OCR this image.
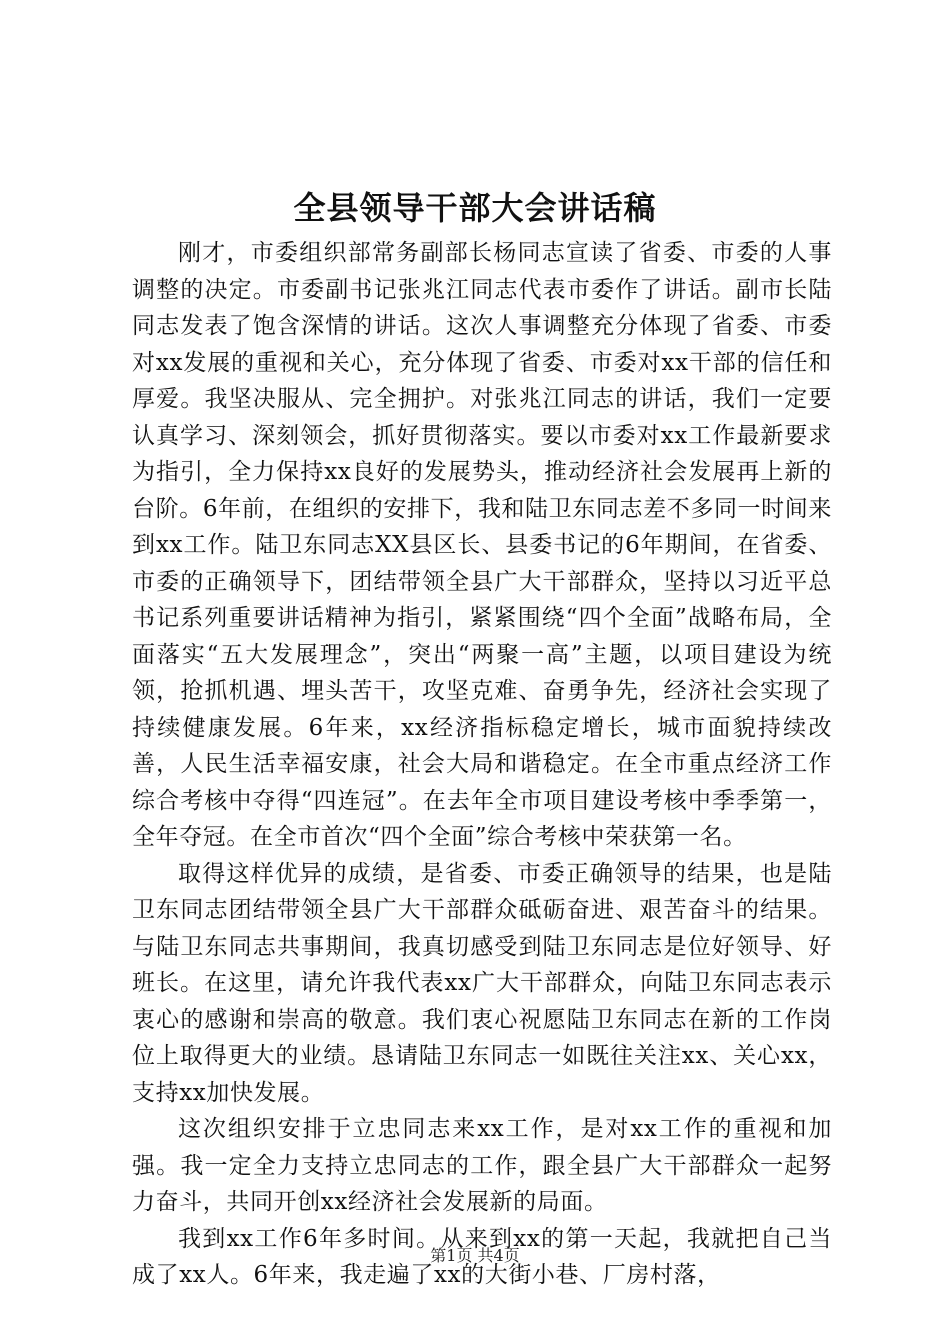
全县领导干部大会讲话稿

刚才，市委组织部常务副部长杨同志宣读了省委、市委的人事调整的决定。市委副书记张兆江同志代表市委作了讲话。副市长陆同志发表了饱含深情的讲话。这次人事调整充分体现了省委、市委对xx发展的重视和关心，充分体现了省委、市委对xx干部的信任和厚爱。我坚决服从、完全拥护。对张兆江同志的讲话，我们一定要认真学习、深刻领会，抓好贯彻落实。要以市委对xx工作最新要求为指引，全力保持xx良好的发展势头，推动经济社会发展再上新的台阶。6年前，在组织的安排下，我和陆卫东同志差不多同一时间来到xx工作。陆卫东同志XX县区长、县委书记的6年期间，在省委、市委的正确领导下，团结带领全县广大干部群众，坚持以习近平总书记系列重要讲话精神为指引，紧紧围绕“四个全面”战略布局，全面落实“五大发展理念”，突出“两聚一高”主题，以项目建设为统领，抢抓机遇、埋头苦干，攻坚克难、奋勇争先，经济社会实现了持续健康发展。6年来，xx经济指标稳定增长，城市面貌持续改善，人民生活幸福安康，社会大局和谐稳定。在全市重点经济工作综合考核中夺得“四连冠”。在去年全市项目建设考核中季季第一，全年夺冠。在全市首次“四个全面”综合考核中荣获第一名。

取得这样优异的成绩，是省委、市委正确领导的结果，也是陆卫东同志团结带领全县广大干部群众砥砺奋进、艰苦奋斗的结果。与陆卫东同志共事期间，我真切感受到陆卫东同志是位好领导、好班长。在这里，请允许我代表xx广大干部群众，向陆卫东同志表示衷心的感谢和崇高的敬意。我们衷心祝愿陆卫东同志在新的工作岗位上取得更大的业绩。恳请陆卫东同志一如既往关注xx、关心xx，支持xx加快发展。

这次组织安排于立忠同志来xx工作，是对xx工作的重视和加强。我一定全力支持立忠同志的工作，跟全县广大干部群众一起努力奋斗，共同开创xx经济社会发展新的局面。

我到xx工作6年多时间。从来到xx的第一天起，我就把自己当成了xx人。6年来，我走遍了xx的大街小巷、厂房村落，

第1页 共4页
